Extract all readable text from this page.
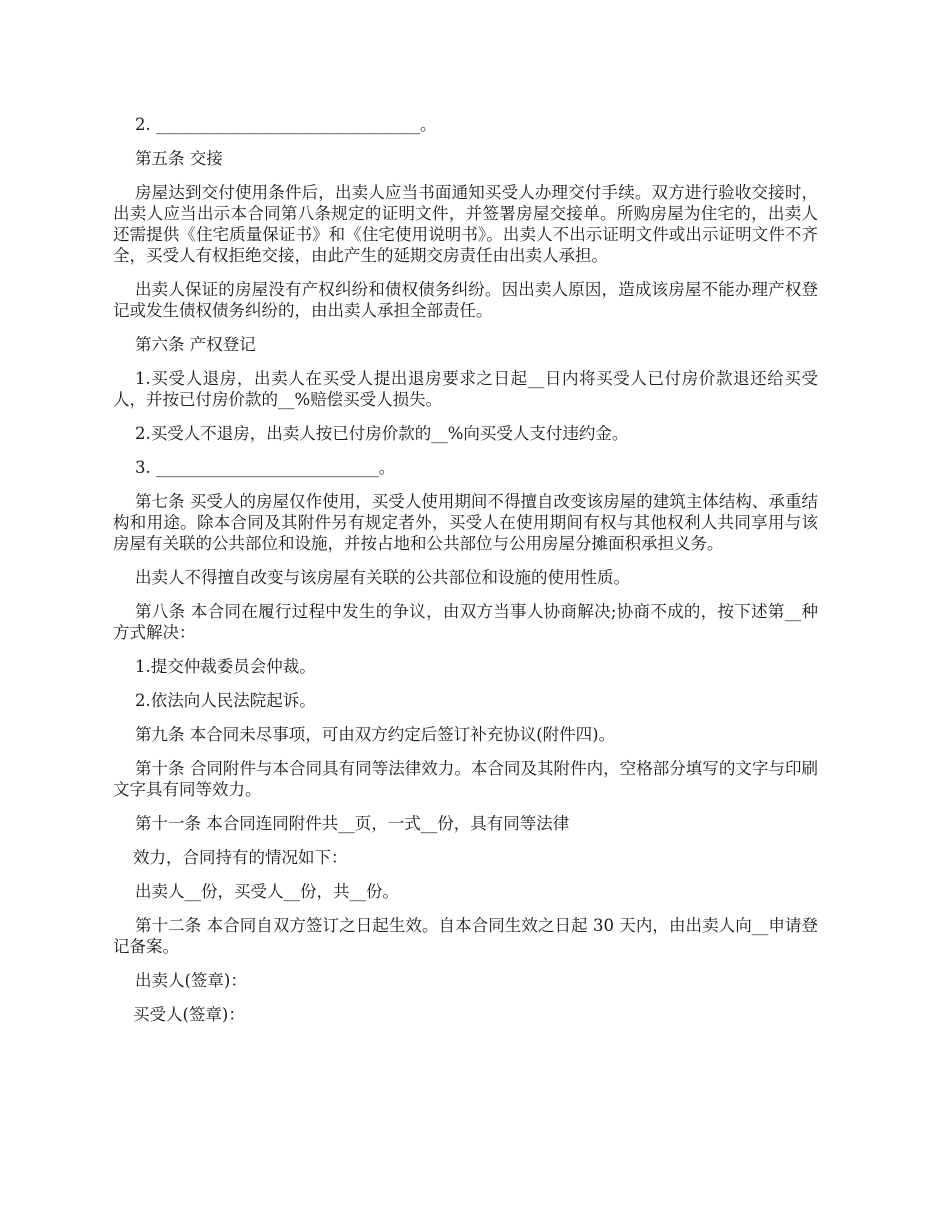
2. ________________________________。

第五条 交接

房屋达到交付使用条件后，出卖人应当书面通知买受人办理交付手续。双方进行验收交接时，出卖人应当出示本合同第八条规定的证明文件，并签署房屋交接单。所购房屋为住宅的，出卖人还需提供《住宅质量保证书》和《住宅使用说明书》。出卖人不出示证明文件或出示证明文件不齐全，买受人有权拒绝交接，由此产生的延期交房责任由出卖人承担。

出卖人保证的房屋没有产权纠纷和债权债务纠纷。因出卖人原因，造成该房屋不能办理产权登记或发生债权债务纠纷的，由出卖人承担全部责任。

第六条 产权登记

1.买受人退房，出卖人在买受人提出退房要求之日起__日内将买受人已付房价款退还给买受人，并按已付房价款的__%赔偿买受人损失。

2.买受人不退房，出卖人按已付房价款的__%向买受人支付违约金。

3. ___________________________。

第七条 买受人的房屋仅作使用，买受人使用期间不得擅自改变该房屋的建筑主体结构、承重结构和用途。除本合同及其附件另有规定者外，买受人在使用期间有权与其他权利人共同享用与该房屋有关联的公共部位和设施，并按占地和公共部位与公用房屋分摊面积承担义务。

出卖人不得擅自改变与该房屋有关联的公共部位和设施的使用性质。

第八条 本合同在履行过程中发生的争议，由双方当事人协商解决;协商不成的，按下述第__种方式解决：

1.提交仲裁委员会仲裁。

2.依法向人民法院起诉。

第九条 本合同未尽事项，可由双方约定后签订补充协议(附件四)。

第十条 合同附件与本合同具有同等法律效力。本合同及其附件内，空格部分填写的文字与印刷文字具有同等效力。

第十一条 本合同连同附件共__页，一式__份，具有同等法律

效力，合同持有的情况如下：

出卖人__份，买受人__份，共__份。

第十二条 本合同自双方签订之日起生效。自本合同生效之日起 30 天内，由出卖人向__申请登记备案。

出卖人(签章)：

买受人(签章)：
